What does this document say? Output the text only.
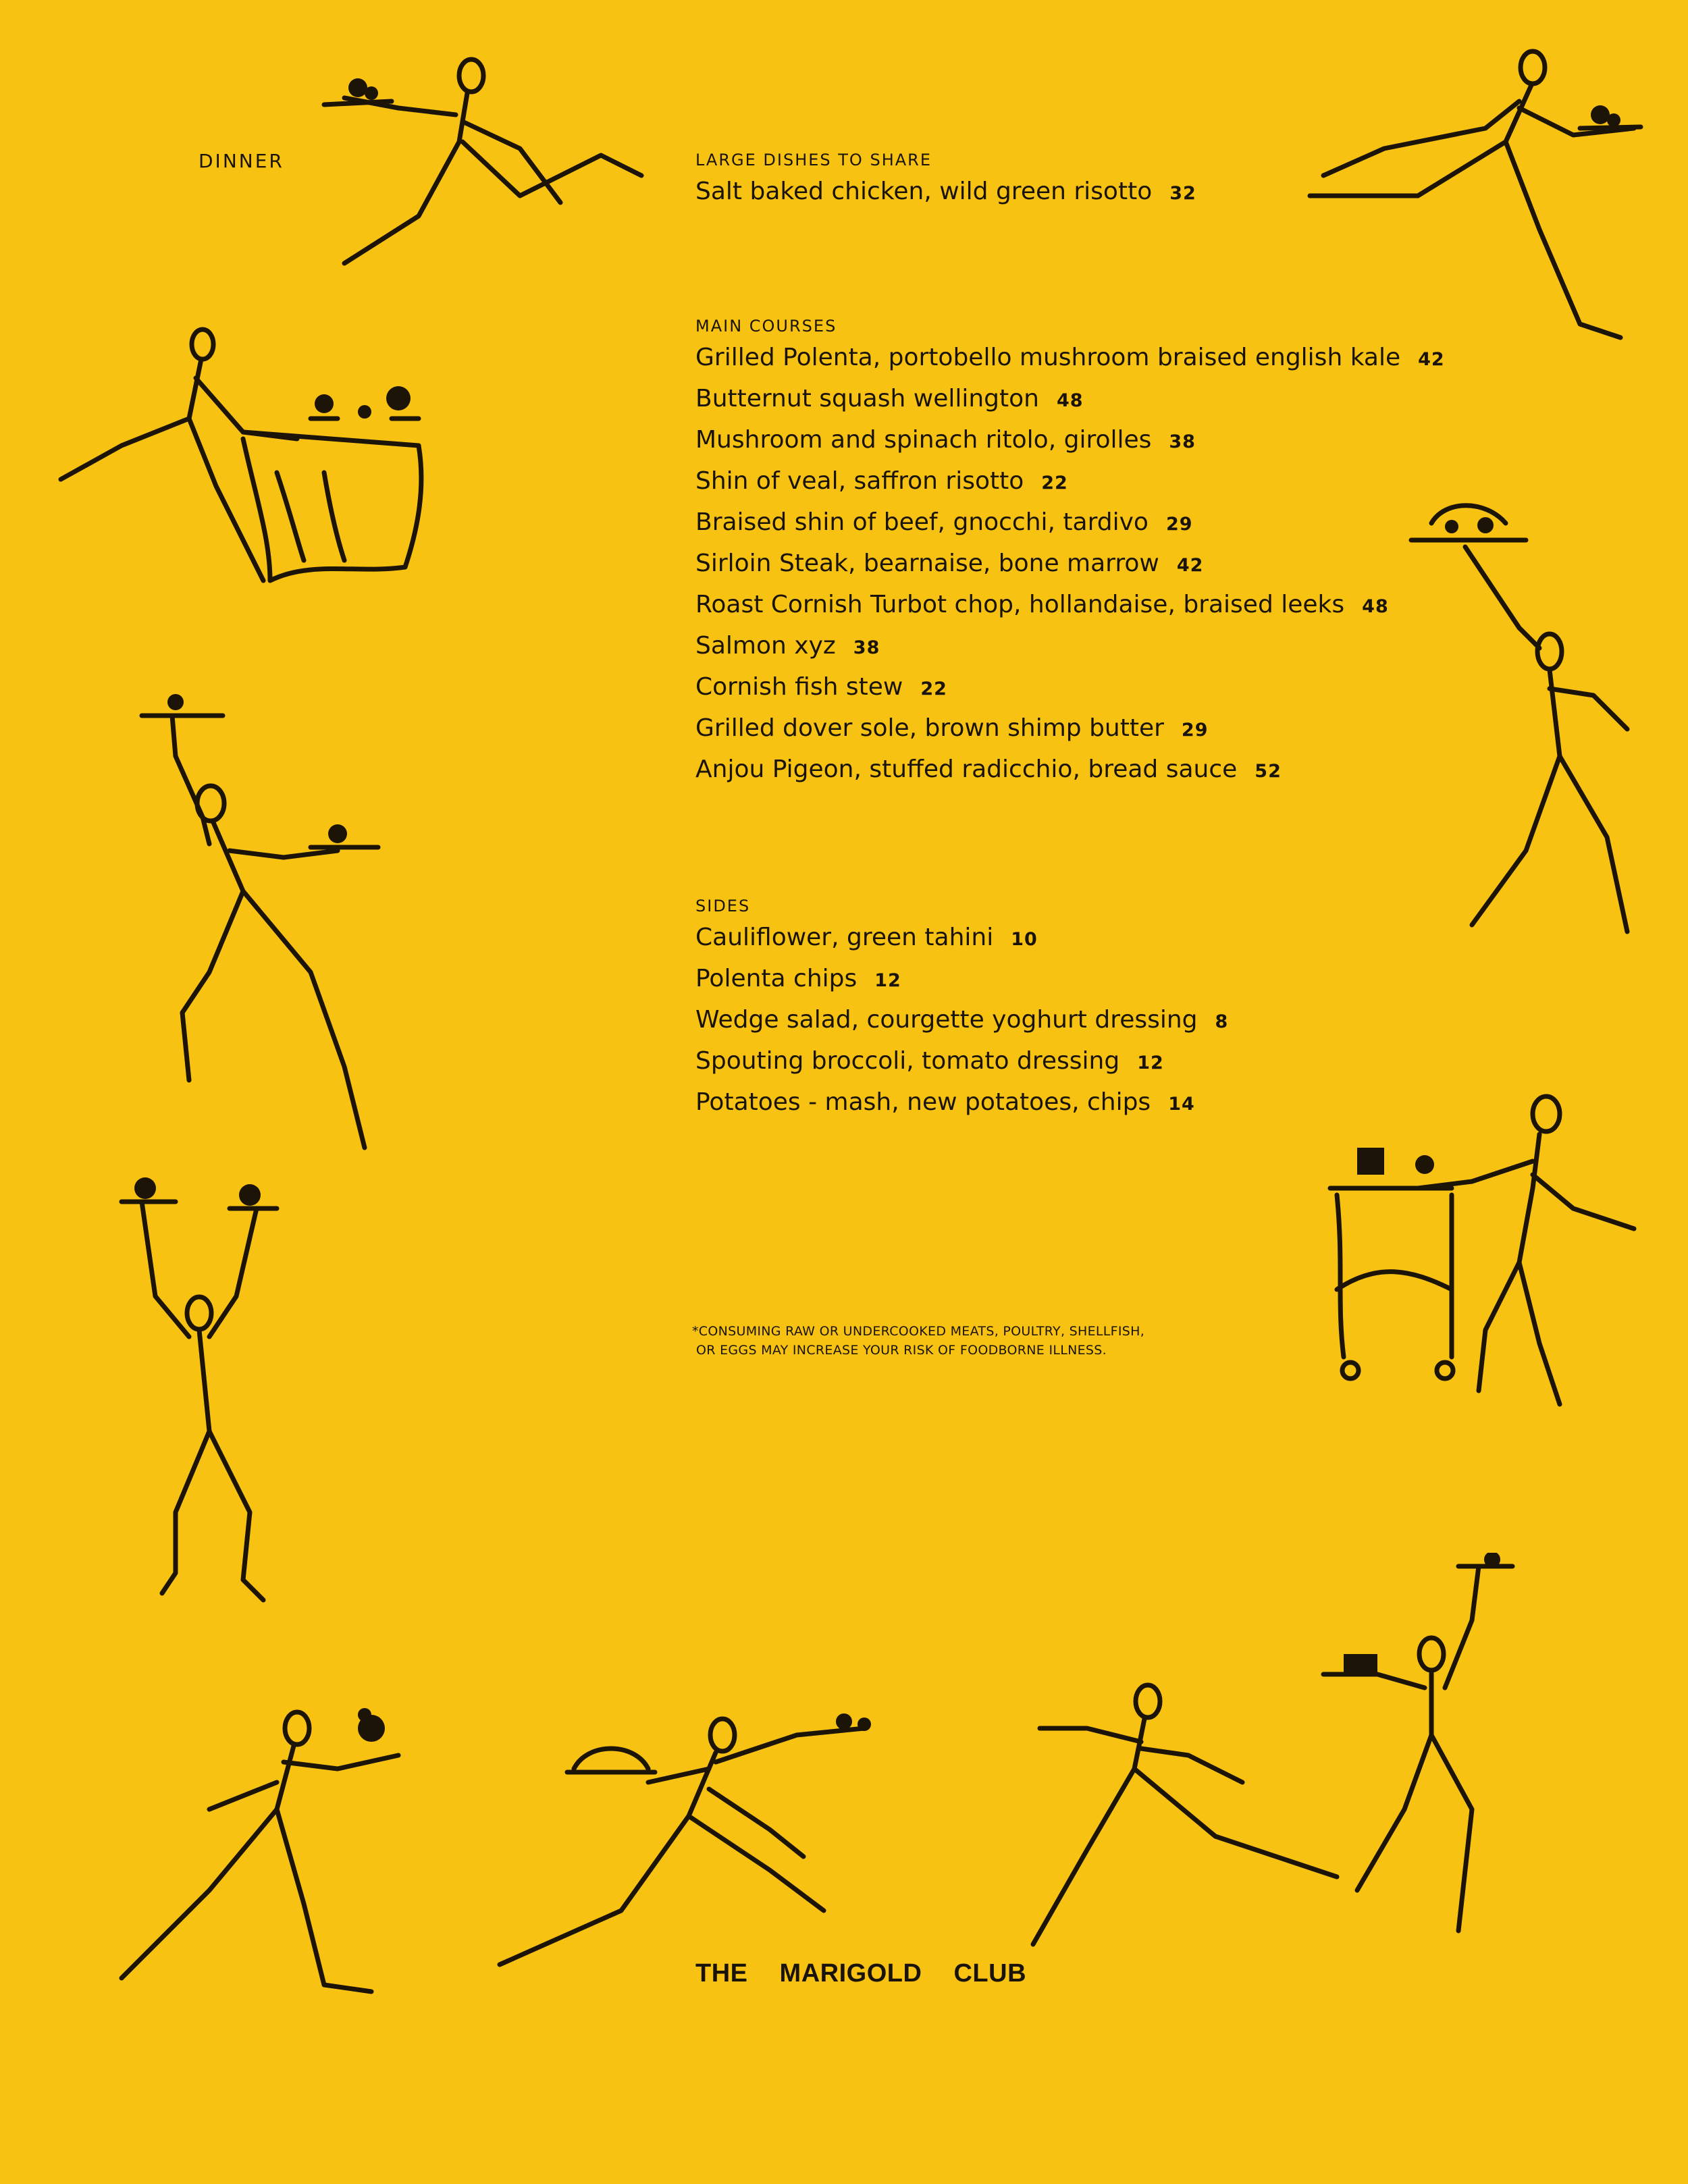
DINNER	LARGE DISHES TO SHARE
Salt baked chicken, wild green risotto 32
MAIN COURSES
Grilled Polenta, portobello mushroom braised english kale 42
Butternut squash wellington 48
Mushroom and spinach ritolo, girolles 38
Shin of veal, saffron risotto 22
Braised shin of beef, gnocchi, tardivo 29
Sirloin Steak, bearnaise, bone marrow 42
Roast Cornish Turbot chop, hollandaise, braised leeks 48
Salmon xyz 38
Cornish fish stew 22
Grilled dover sole, brown shimp butter 29
Anjou Pigeon, stuffed radicchio, bread sauce 52
SIDES
Cauliflower, green tahini 10
Polenta chips 12
Wedge salad, courgette yoghurt dressing 8
Spouting broccoli, tomato dressing 12
Potatoes - mash, new potatoes, chips 14
*CONSUMING RAW OR UNDERCOOKED MEATS, POULTRY, SHELLFISH,
OR EGGS MAY INCREASE YOUR RISK OF FOODBORNE ILLNESS.
THE MARIGOLD CLUB
